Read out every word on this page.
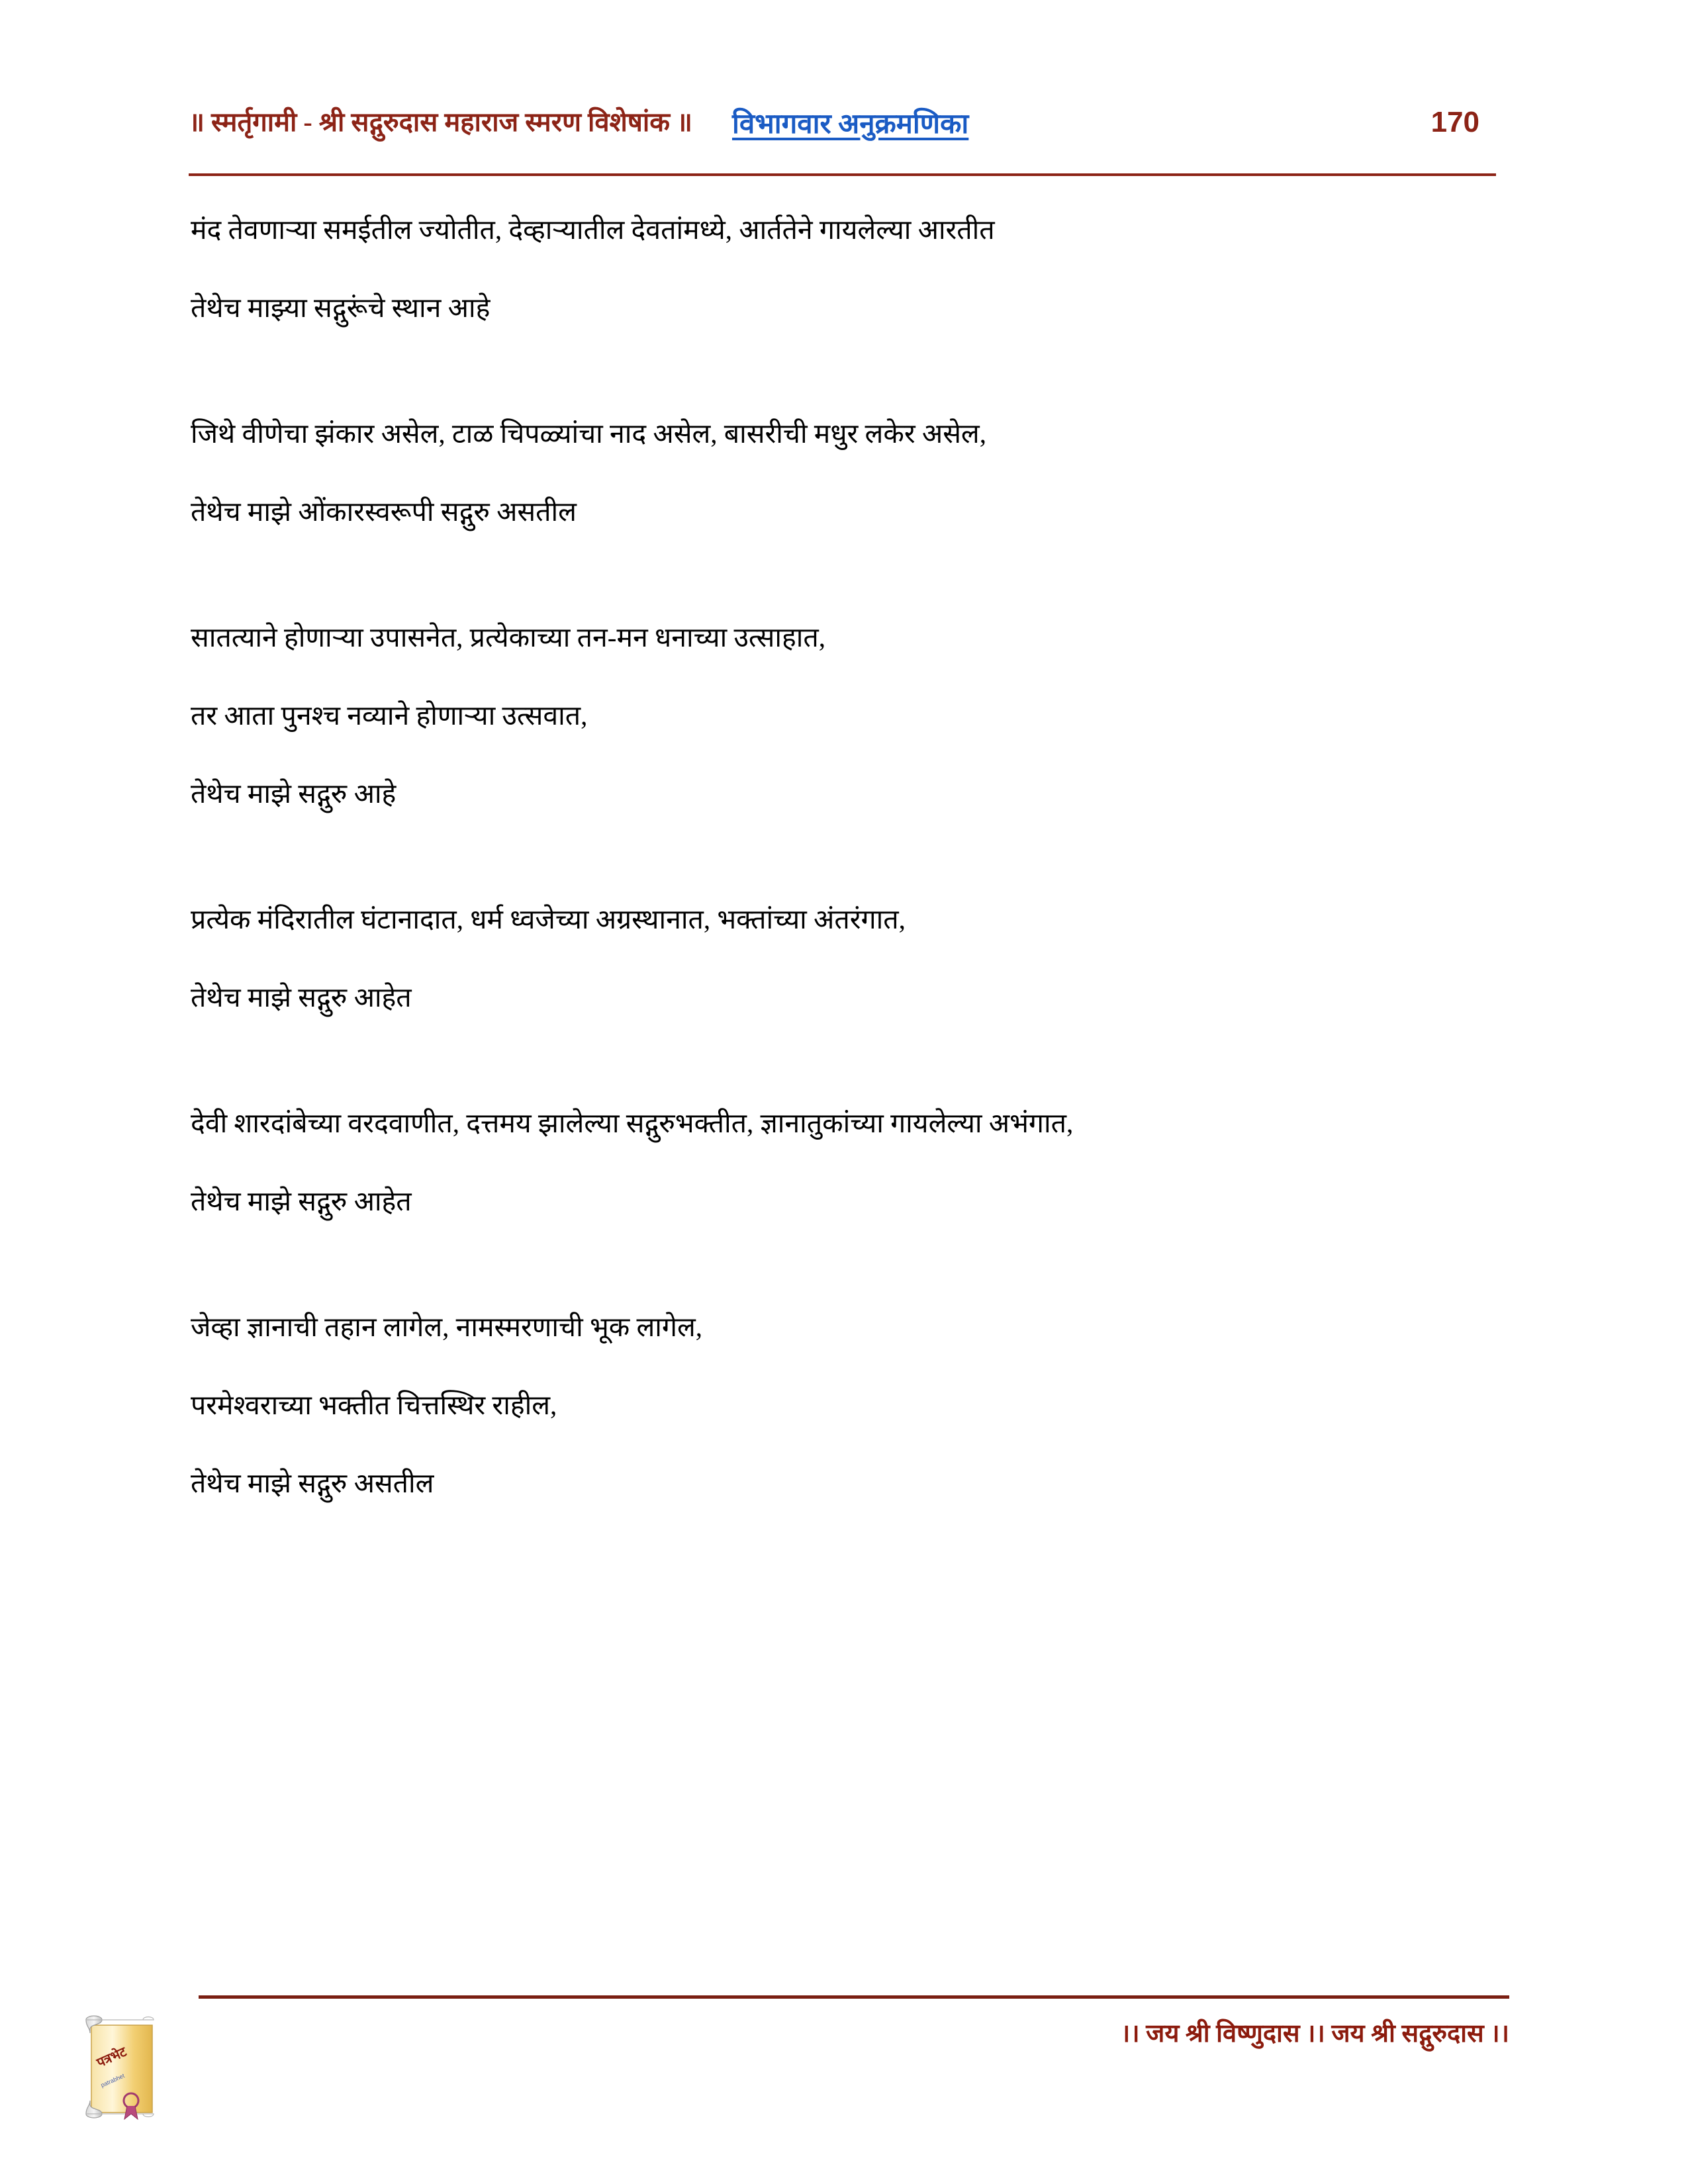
॥ स्मर्तृगामी - श्री सद्गुरुदास महाराज स्मरण विशेषांक ॥ विभागवार अनुक्रमणिका	170
मंद तेवणाऱ्या समईतील ज्योतीत, देव्हाऱ्यातील देवतांमध्ये, आर्ततेने गायलेल्या आरतीत
तेथेच माझ्या सद्गुरूंचे स्थान आहे
जिथे वीणेचा झंकार असेल, टाळ चिपळ्यांचा नाद असेल, बासरीची मधुर लकेर असेल,
तेथेच माझे ओंकारस्वरूपी सद्गुरु असतील
सातत्याने होणाऱ्या उपासनेत, प्रत्येकाच्या तन-मन धनाच्या उत्साहात,
तर आता पुनश्च नव्याने होणाऱ्या उत्सवात,
तेथेच माझे सद्गुरु आहे
प्रत्येक मंदिरातील घंटानादात, धर्म ध्वजेच्या अग्रस्थानात, भक्तांच्या अंतरंगात,
तेथेच माझे सद्गुरु आहेत
देवी शारदांबेच्या वरदवाणीत, दत्तमय झालेल्या सद्गुरुभक्तीत, ज्ञानातुकांच्या गायलेल्या अभंगात,
तेथेच माझे सद्गुरु आहेत
जेव्हा ज्ञानाची तहान लागेल, नामस्मरणाची भूक लागेल,
परमेश्वराच्या भक्तीत चित्तस्थिर राहील,
तेथेच माझे सद्गुरु असतील
।। जय श्री विष्णुदास ।। जय श्री सद्गुरुदास ।।
पत्रभेट
patrabhet
